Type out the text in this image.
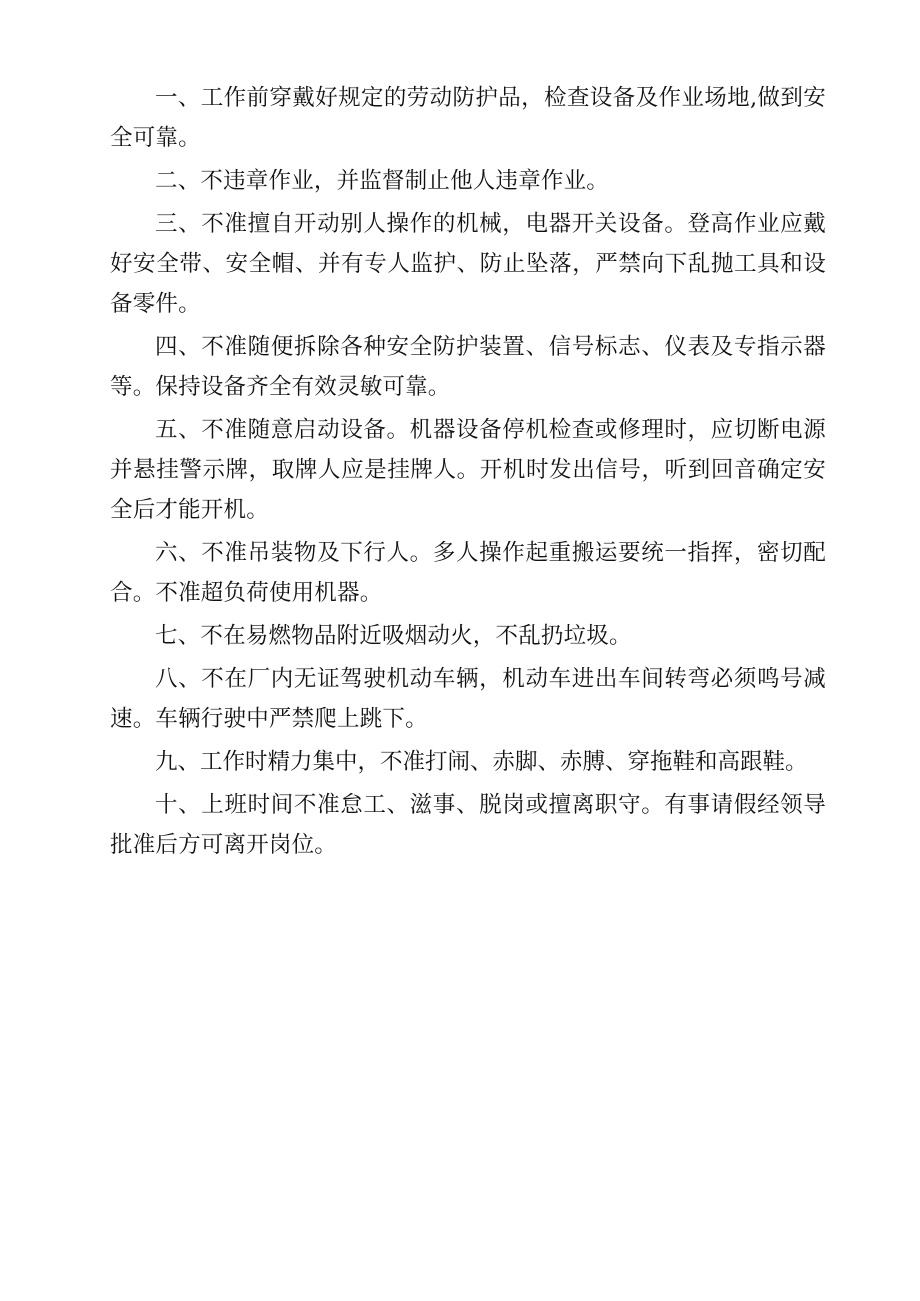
一、工作前穿戴好规定的劳动防护品，检查设备及作业场地,做到安全可靠。

二、不违章作业，并监督制止他人违章作业。

三、不准擅自开动别人操作的机械，电器开关设备。登高作业应戴好安全带、安全帽、并有专人监护、防止坠落，严禁向下乱抛工具和设备零件。

四、不准随便拆除各种安全防护装置、信号标志、仪表及专指示器等。保持设备齐全有效灵敏可靠。

五、不准随意启动设备。机器设备停机检查或修理时，应切断电源并悬挂警示牌，取牌人应是挂牌人。开机时发出信号，听到回音确定安全后才能开机。

六、不准吊装物及下行人。多人操作起重搬运要统一指挥，密切配合。不准超负荷使用机器。

七、不在易燃物品附近吸烟动火，不乱扔垃圾。

八、不在厂内无证驾驶机动车辆，机动车进出车间转弯必须鸣号减速。车辆行驶中严禁爬上跳下。

九、工作时精力集中，不准打闹、赤脚、赤膊、穿拖鞋和高跟鞋。

十、上班时间不准怠工、滋事、脱岗或擅离职守。有事请假经领导批准后方可离开岗位。
